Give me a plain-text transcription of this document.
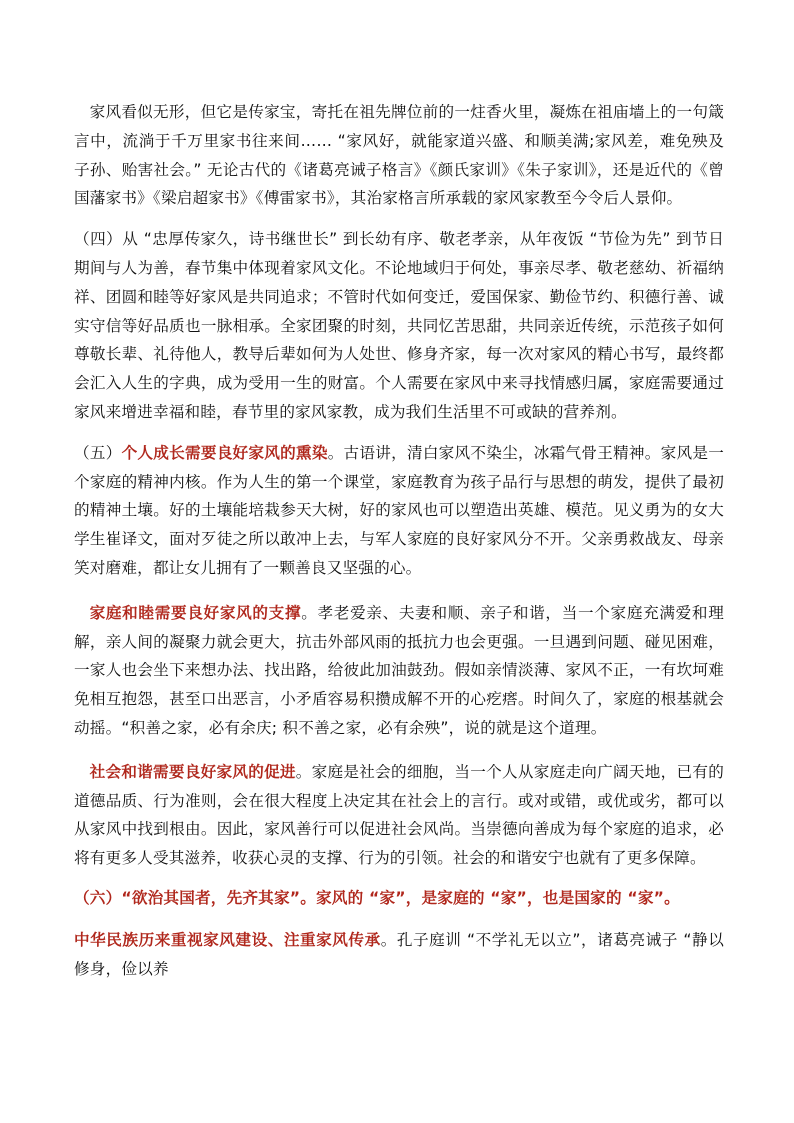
家风看似无形，但它是传家宝，寄托在祖先牌位前的一炷香火里，凝炼在祖庙墙上的一句箴言中，流淌于千万里家书往来间…… “家风好，就能家道兴盛、和顺美满;家风差，难免殃及子孙、贻害社会。” 无论古代的《诸葛亮诫子格言》《颜氏家训》《朱子家训》，还是近代的《曾国藩家书》《梁启超家书》《傅雷家书》，其治家格言所承载的家风家教至今令后人景仰。

（四）从 “忠厚传家久，诗书继世长” 到长幼有序、敬老孝亲，从年夜饭 “节俭为先” 到节日期间与人为善，春节集中体现着家风文化。不论地域归于何处，事亲尽孝、敬老慈幼、祈福纳祥、团圆和睦等好家风是共同追求；不管时代如何变迁，爱国保家、勤俭节约、积德行善、诚实守信等好品质也一脉相承。全家团聚的时刻，共同忆苦思甜，共同亲近传统，示范孩子如何尊敬长辈、礼待他人，教导后辈如何为人处世、修身齐家，每一次对家风的精心书写，最终都会汇入人生的字典，成为受用一生的财富。个人需要在家风中来寻找情感归属，家庭需要通过家风来增进幸福和睦，春节里的家风家教，成为我们生活里不可或缺的营养剂。

（五）个人成长需要良好家风的熏染。古语讲，清白家风不染尘，冰霜气骨王精神。家风是一个家庭的精神内核。作为人生的第一个课堂，家庭教育为孩子品行与思想的萌发，提供了最初的精神土壤。好的土壤能培栽参天大树，好的家风也可以塑造出英雄、模范。见义勇为的女大学生崔译文，面对歹徒之所以敢冲上去，与军人家庭的良好家风分不开。父亲勇救战友、母亲笑对磨难，都让女儿拥有了一颗善良又坚强的心。

家庭和睦需要良好家风的支撑。孝老爱亲、夫妻和顺、亲子和谐，当一个家庭充满爱和理解，亲人间的凝聚力就会更大，抗击外部风雨的抵抗力也会更强。一旦遇到问题、碰见困难，一家人也会坐下来想办法、找出路，给彼此加油鼓劲。假如亲情淡薄、家风不正，一有坎坷难免相互抱怨，甚至口出恶言，小矛盾容易积攒成解不开的心疙瘩。时间久了，家庭的根基就会动摇。“积善之家，必有余庆; 积不善之家，必有余殃”，说的就是这个道理。

社会和谐需要良好家风的促进。家庭是社会的细胞，当一个人从家庭走向广阔天地，已有的道德品质、行为准则，会在很大程度上决定其在社会上的言行。或对或错，或优或劣，都可以从家风中找到根由。因此，家风善行可以促进社会风尚。当崇德向善成为每个家庭的追求，必将有更多人受其滋养，收获心灵的支撑、行为的引领。社会的和谐安宁也就有了更多保障。

（六）“欲治其国者，先齐其家”。家风的 “家”，是家庭的 “家”，也是国家的 “家”。

中华民族历来重视家风建设、注重家风传承。孔子庭训 “不学礼无以立”，诸葛亮诫子 “静以修身，俭以养
